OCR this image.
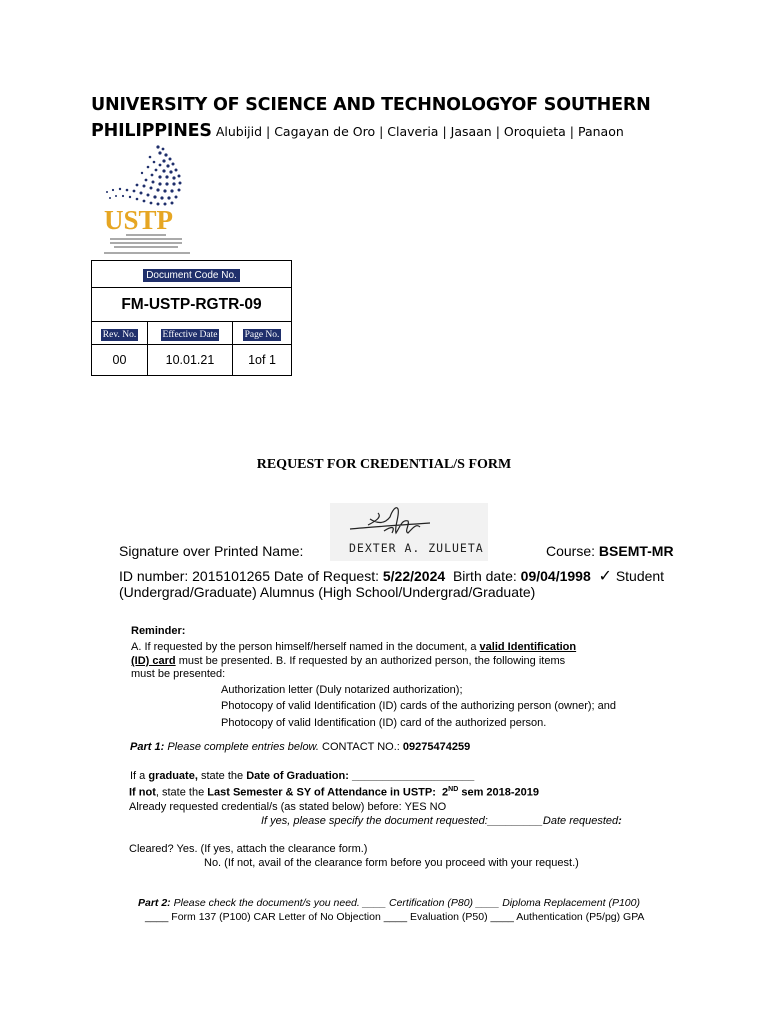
UNIVERSITY OF SCIENCE AND TECHNOLOGYOF SOUTHERN
PHILIPPINES Alubijid | Cagayan de Oro | Claveria | Jasaan | Oroquieta | Panaon
USTP
Document Code No.		
FM-USTP-RGTR-09		
Rev. No.	Effective Date	Page No.
00	10.01.21	1of 1
REQUEST FOR CREDENTIAL/S FORM
DEXTER A. ZULUETA
Signature over Printed Name:	Course: BSEMT-MR
ID number: 2015101265 Date of Request: 5/22/2024 Birth date: 09/04/1998 ✓ Student
(Undergrad/Graduate) Alumnus (High School/Undergrad/Graduate)
Reminder:
A. If requested by the person himself/herself named in the document, a valid Identification
(ID) card must be presented. B. If requested by an authorized person, the following items
must be presented:
Authorization letter (Duly notarized authorization);
Photocopy of valid Identification (ID) cards of the authorizing person (owner); and
Photocopy of valid Identification (ID) card of the authorized person.
Part 1: Please complete entries below. CONTACT NO.: 09275474259
If a graduate, state the Date of Graduation: ____________________
If not, state the Last Semester & SY of Attendance in USTP: 2ND sem 2018-2019
Already requested credential/s (as stated below) before: YES NO
If yes, please specify the document requested:_________Date requested:
Cleared? Yes. (If yes, attach the clearance form.)
No. (If not, avail of the clearance form before you proceed with your request.)
Part 2: Please check the document/s you need. ____ Certification (P80) ____ Diploma Replacement (P100)
____ Form 137 (P100) CAR Letter of No Objection ____ Evaluation (P50) ____ Authentication (P5/pg) GPA
